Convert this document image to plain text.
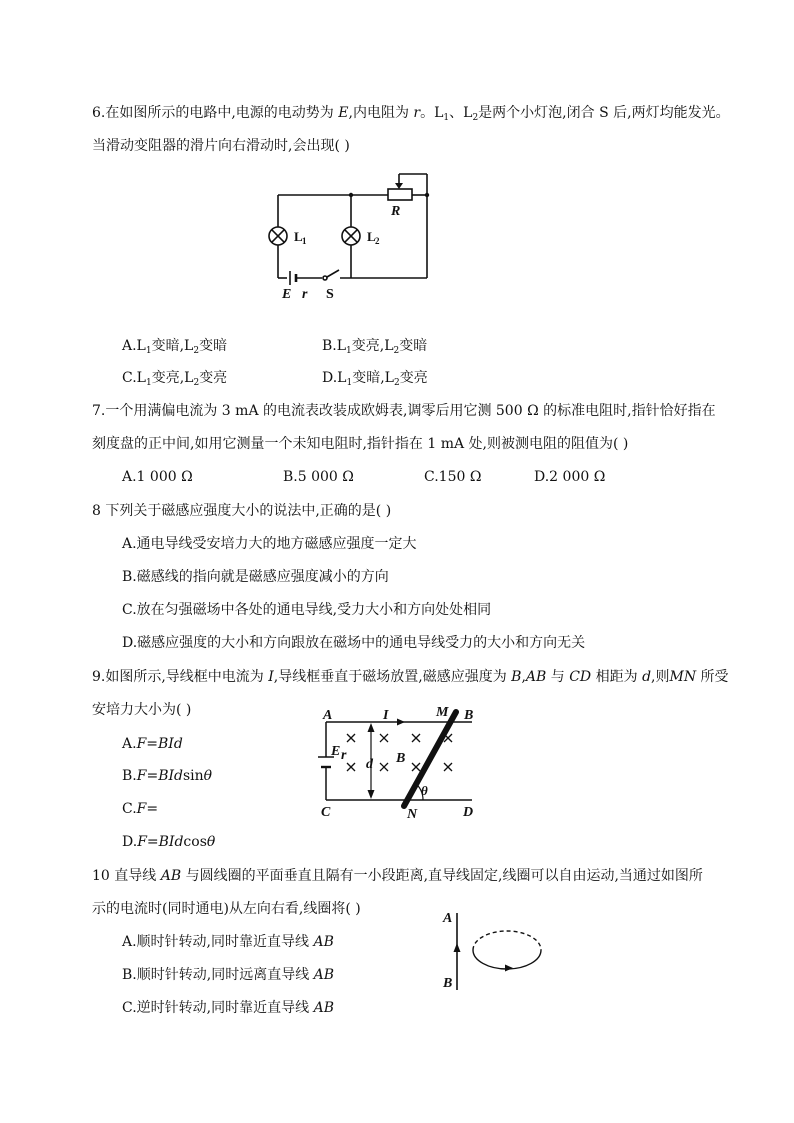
6.在如图所示的电路中,电源的电动势为 E,内电阻为 r。$L_1$、$L_2$是两个小灯泡,闭合 S 后,两灯均能发光。
当滑动变阻器的滑片向右滑动时,会出现( )
R
L 1	L 2
E r S
$A.L_1$变暗$,L_2$变暗	$B.L_1$变亮$,L_2$变暗
$C.L_1$变亮$,L_2$变亮	$D.L_1$变暗$,L_2$变亮
7.一个用满偏电流为 3 mA 的电流表改装成欧姆表,调零后用它测 500 Ω 的标准电阻时,指针恰好指在
刻度盘的正中间,如用它测量一个未知电阻时,指针指在 1 mA 处,则被测电阻的阻值为( )
A.1 000 Ω	B.5 000 Ω	C.150 Ω	D.2 000 Ω
8 下列关于磁感应强度大小的说法中,正确的是( )
A.通电导线受安培力大的地方磁感应强度一定大
B.磁感线的指向就是磁感应强度减小的方向
C.放在匀强磁场中各处的通电导线,受力大小和方向处处相同
D.磁感应强度的大小和方向跟放在磁场中的通电导线受力的大小和方向无关
9.如图所示,导线框中电流为 I,导线框垂直于磁场放置,磁感应强度为 B,AB 与 CD 相距为 d,则MN 所受
安培力大小为( )
A.F=BId
B.F=BIdsinθ
C.F=
D.F=BIdcosθ
A	I	M B
E r
d B
θ
C	N	D
10 直导线 AB 与圆线圈的平面垂直且隔有一小段距离,直导线固定,线圈可以自由运动,当通过如图所
示的电流时(同时通电)从左向右看,线圈将( )
A.顺时针转动,同时靠近直导线 AB
B.顺时针转动,同时远离直导线 AB
C.逆时针转动,同时靠近直导线 AB
A
B
